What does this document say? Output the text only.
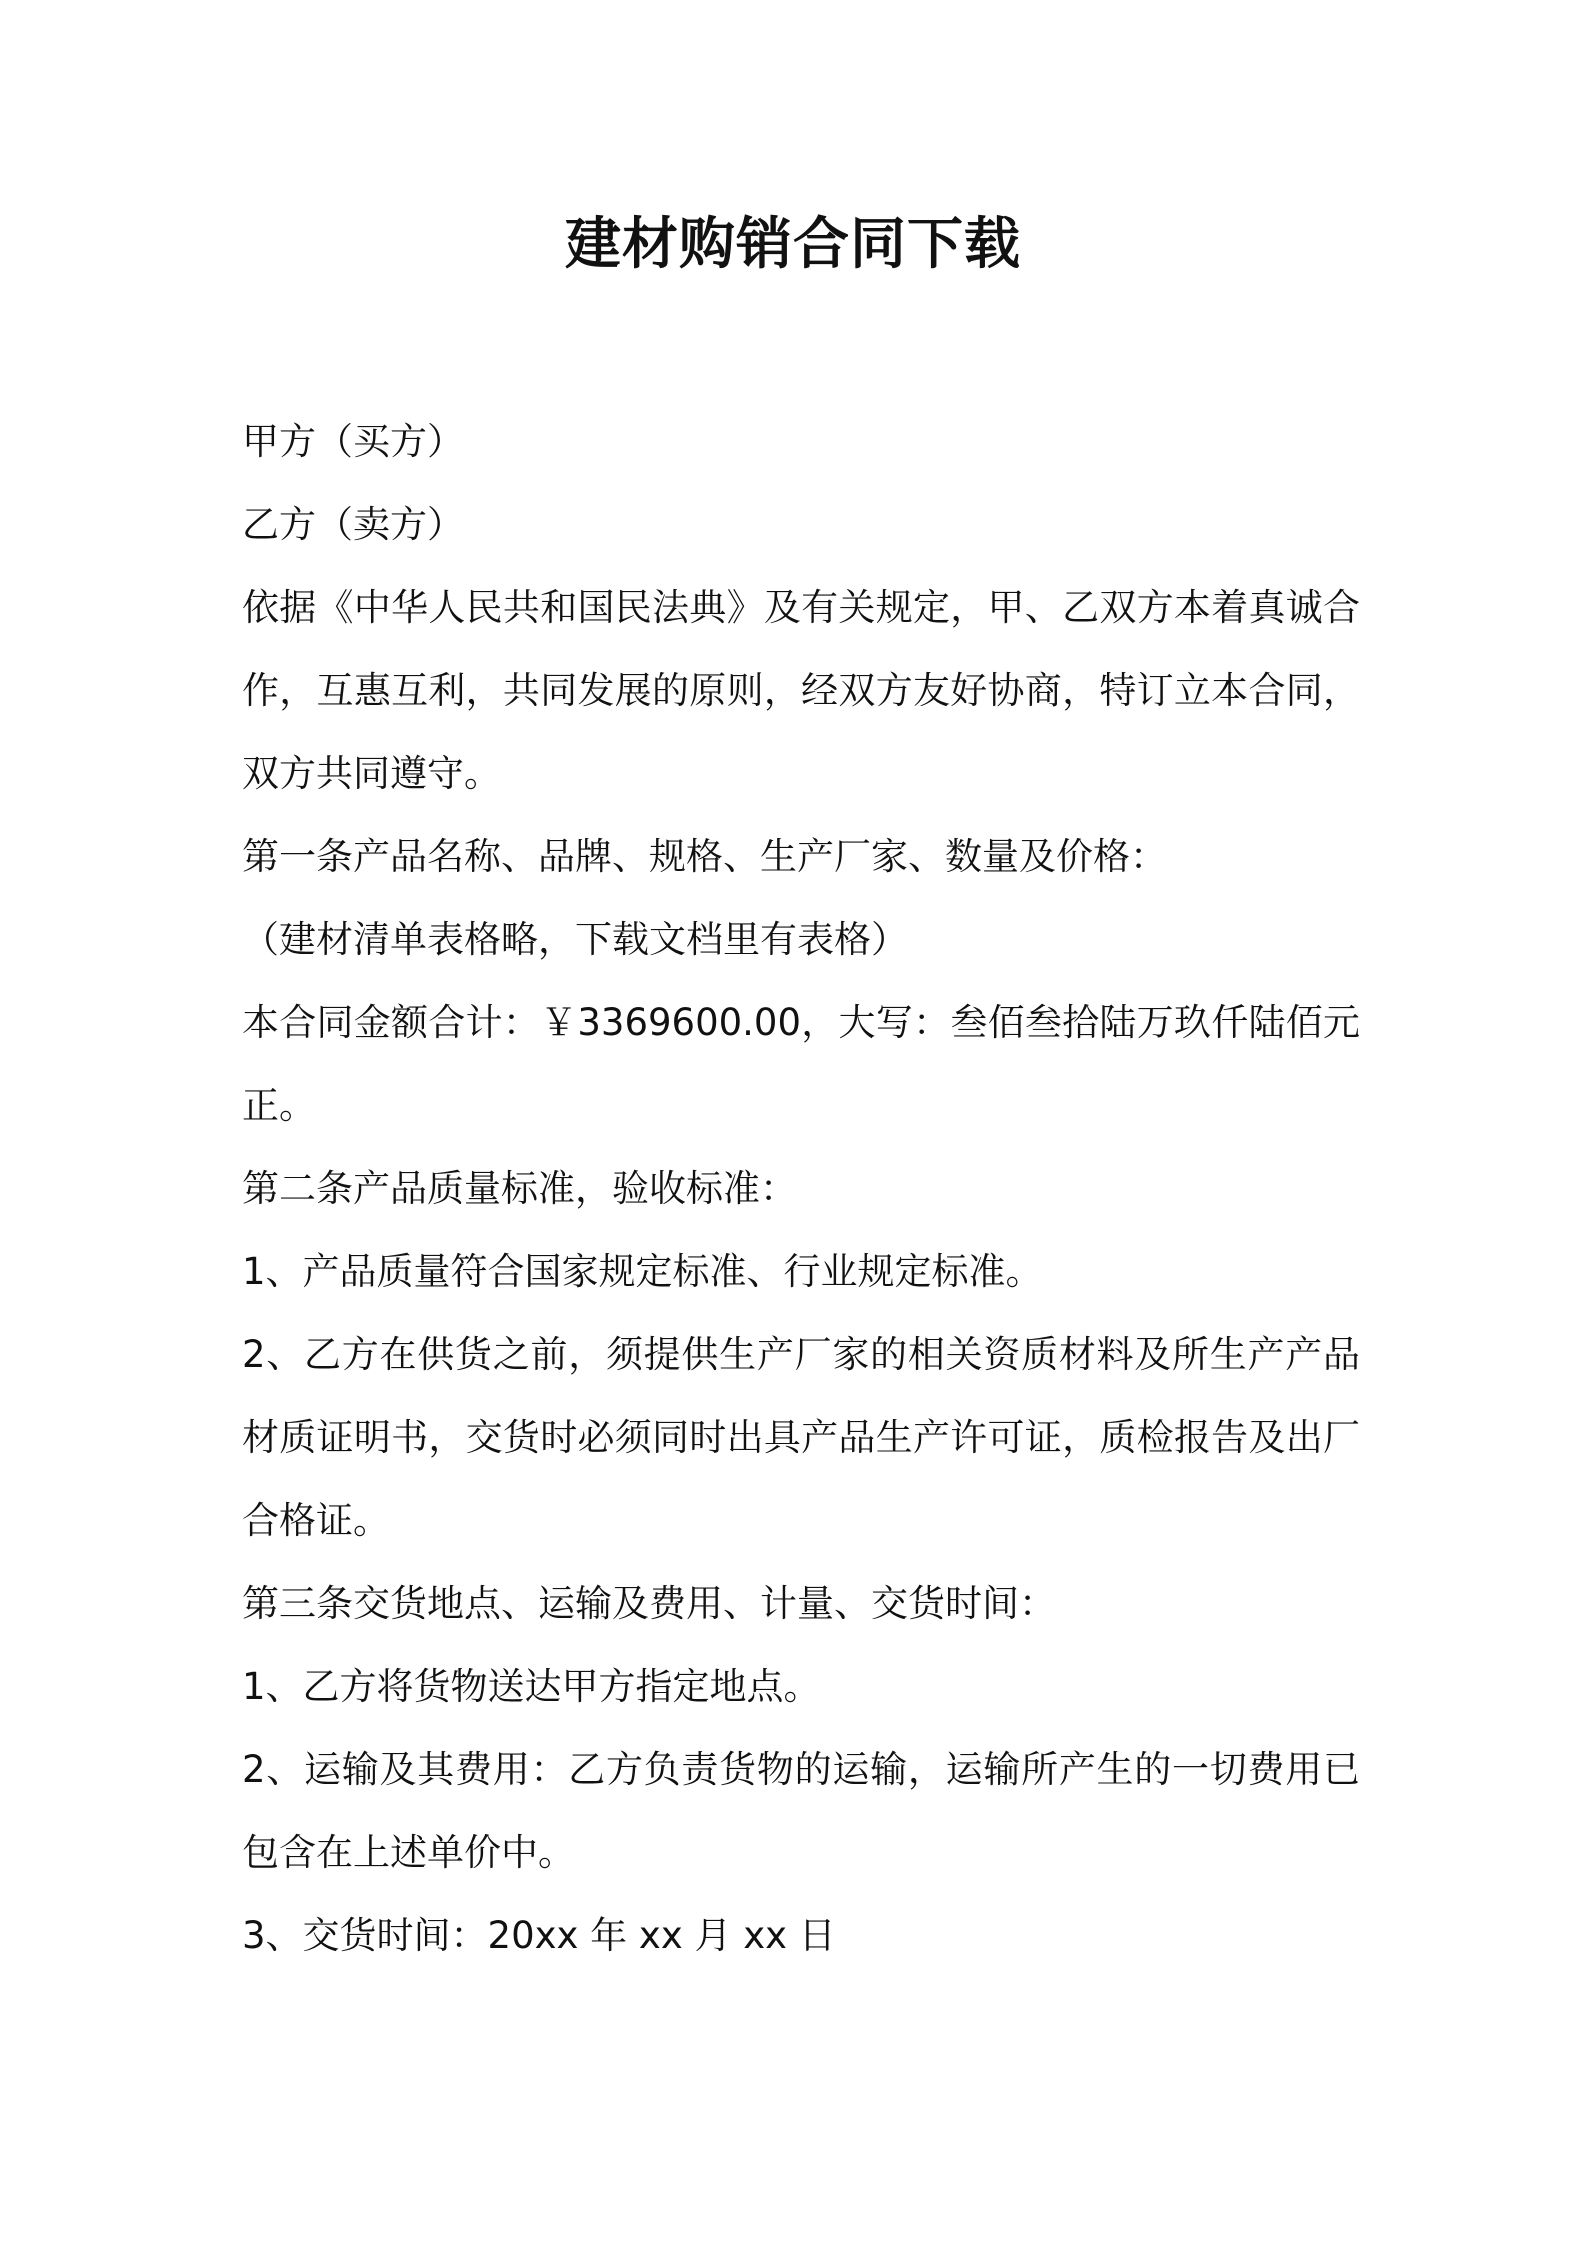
建材购销合同下载

甲方（买方）

乙方（卖方）

依据《中华人民共和国民法典》及有关规定，甲、乙双方本着真诚合作，互惠互利，共同发展的原则，经双方友好协商，特订立本合同，双方共同遵守。

第一条产品名称、品牌、规格、生产厂家、数量及价格：

（建材清单表格略，下载文档里有表格）

本合同金额合计：￥3369600.00，大写：叁佰叁拾陆万玖仟陆佰元正。

第二条产品质量标准，验收标准：

1、产品质量符合国家规定标准、行业规定标准。

2、乙方在供货之前，须提供生产厂家的相关资质材料及所生产产品材质证明书，交货时必须同时出具产品生产许可证，质检报告及出厂合格证。

第三条交货地点、运输及费用、计量、交货时间：

1、乙方将货物送达甲方指定地点。

2、运输及其费用：乙方负责货物的运输，运输所产生的一切费用已包含在上述单价中。

3、交货时间：20xx 年 xx 月 xx 日
